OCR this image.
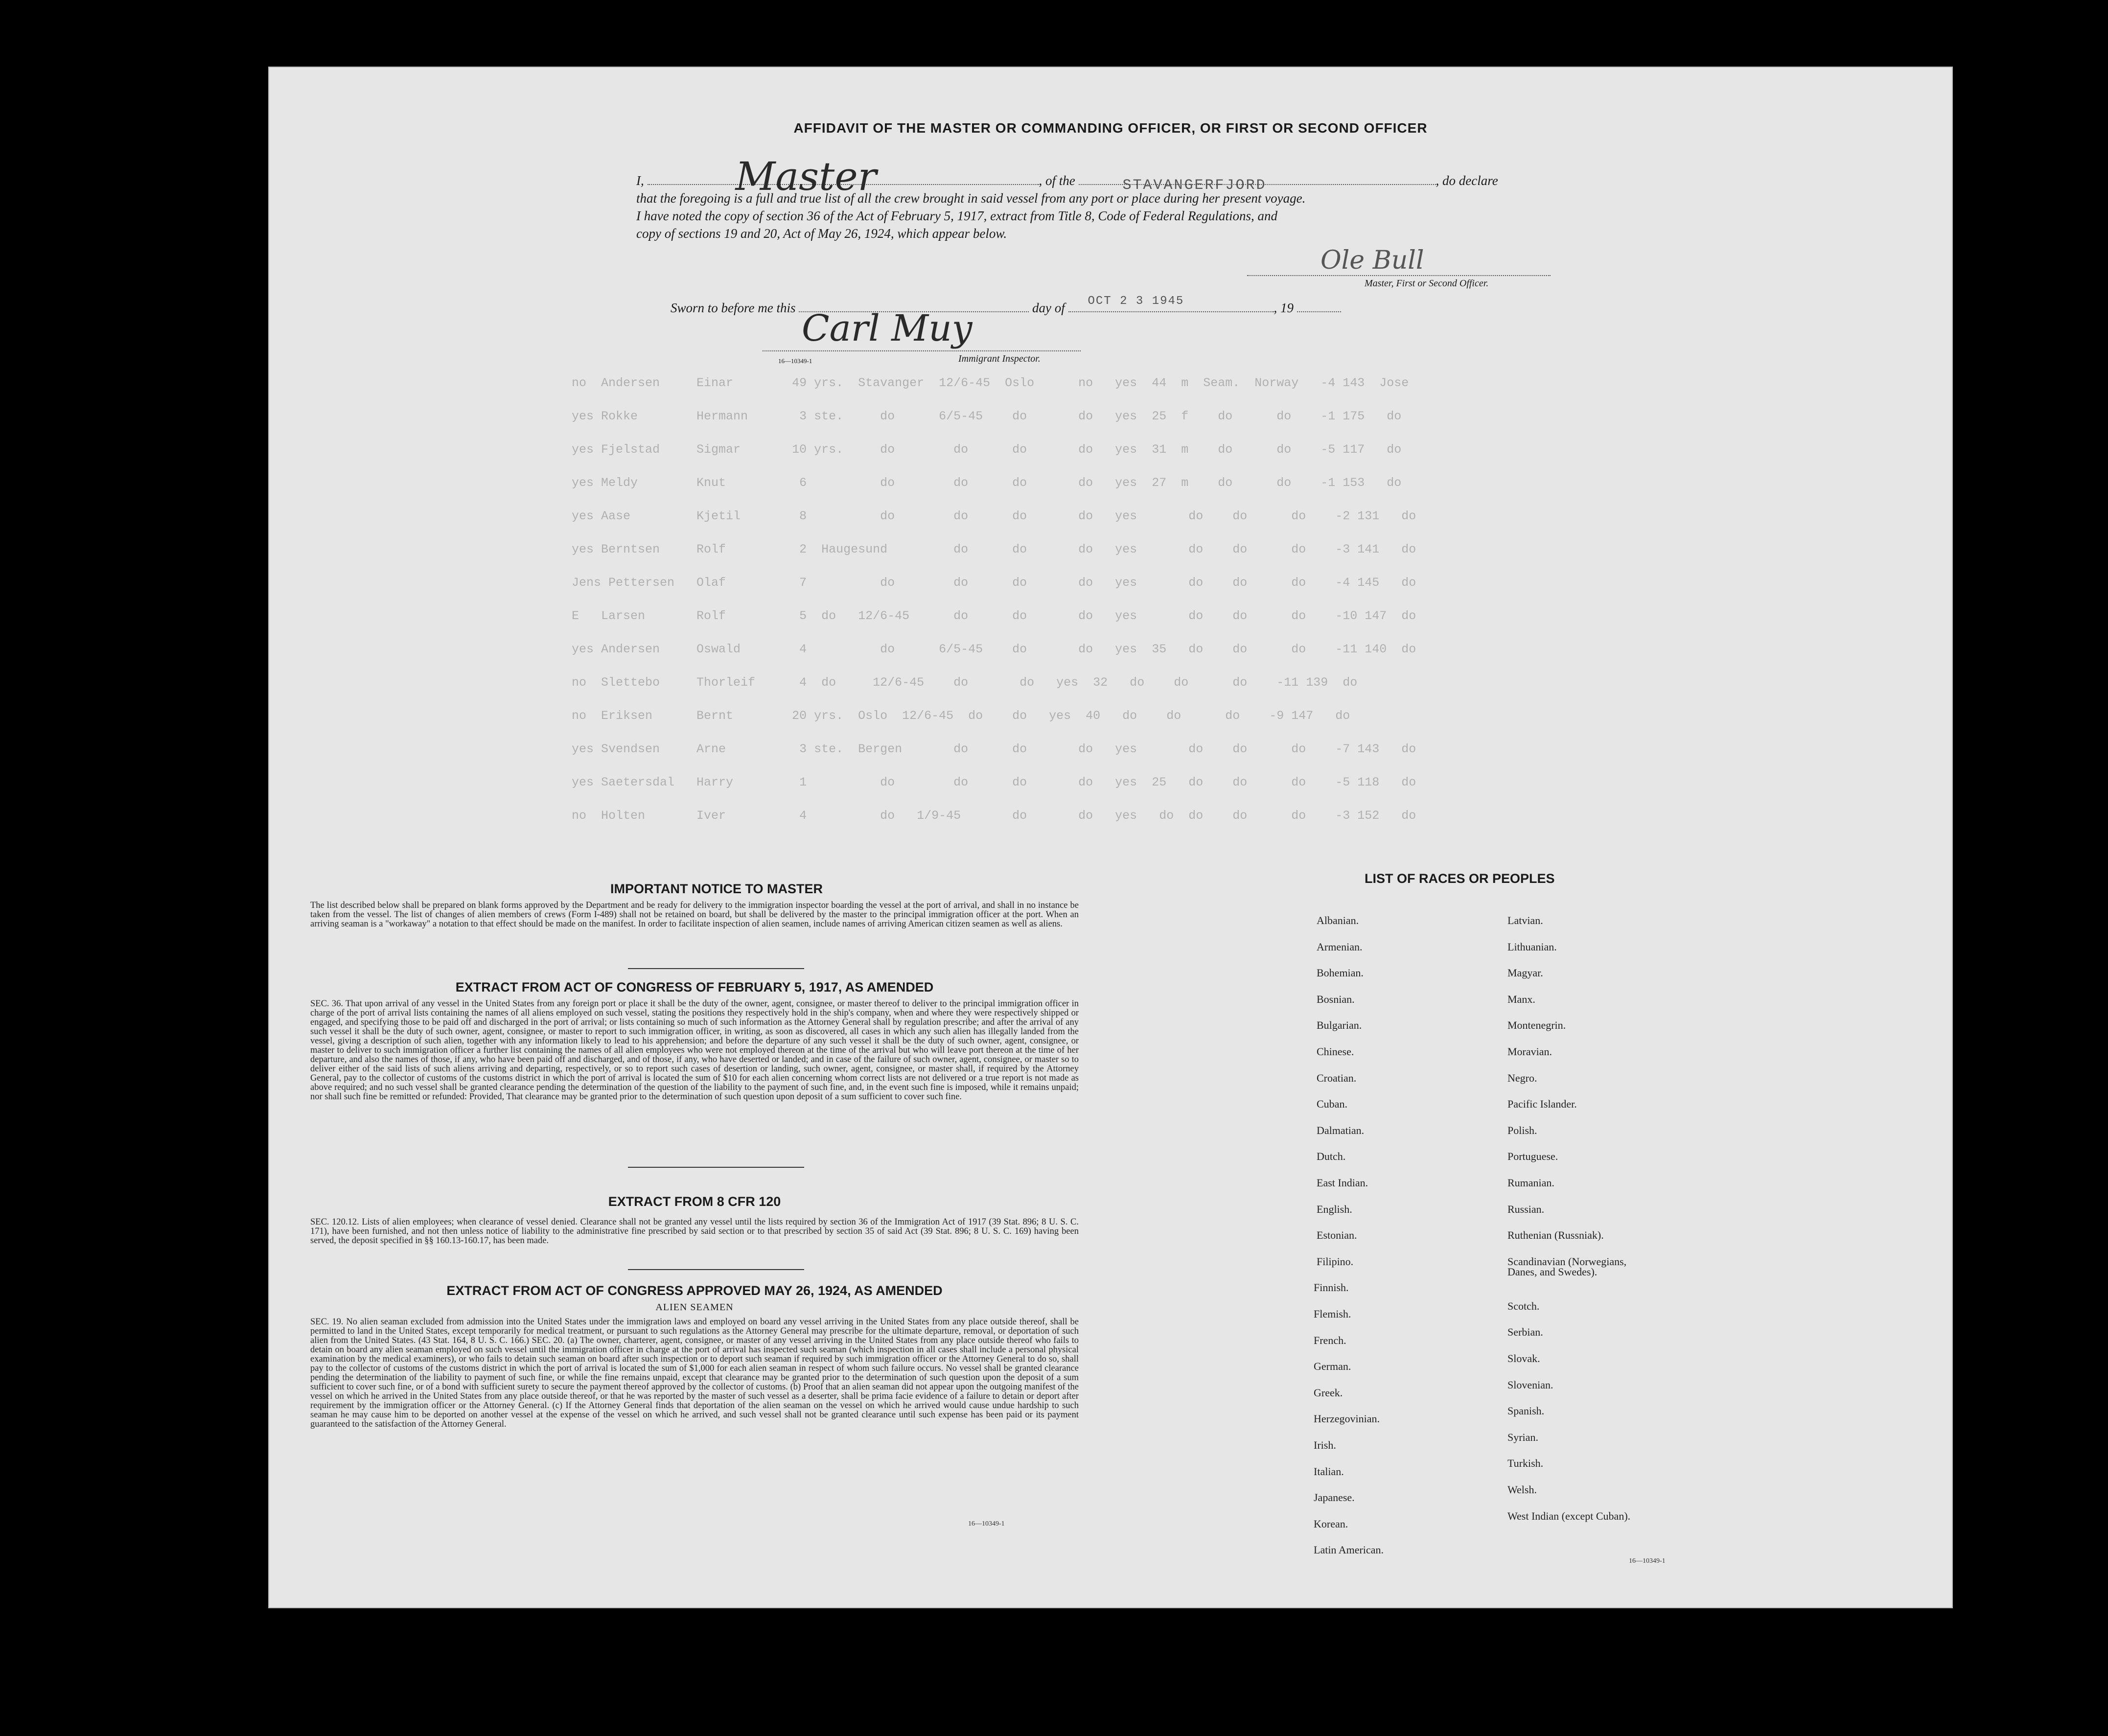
AFFIDAVIT OF THE MASTER OR COMMANDING OFFICER, OR FIRST OR SECOND OFFICER
I, Master	, of the	STAVANGERFJORD	, do declare
that the foregoing is a full and true list of all the crew brought in said vessel from any port or place during her present voyage.
I have noted the copy of section 36 of the Act of February 5, 1917, extract from Title 8, Code of Federal Regulations, and
copy of sections 19 and 20, Act of May 26, 1924, which appear below.
Ole Bull
Master, First or Second Officer.
Sworn to before me this	day of OCT 2 3 1945	, 19
Carl Muy
16—10349-1	Immigrant Inspector.
no  Andersen     Einar        49 yrs.  Stavanger  12/6-45  Oslo      no   yes  44  m  Seam.  Norway   -4 143  Jose
yes Rokke        Hermann       3 ste.     do      6/5-45    do       do   yes  25  f    do      do    -1 175   do
yes Fjelstad     Sigmar       10 yrs.     do        do      do       do   yes  31  m    do      do    -5 117   do
yes Meldy        Knut          6          do        do      do       do   yes  27  m    do      do    -1 153   do
yes Aase         Kjetil        8          do        do      do       do   yes       do    do      do    -2 131   do
yes Berntsen     Rolf          2  Haugesund         do      do       do   yes       do    do      do    -3 141   do
Jens Pettersen   Olaf          7          do        do      do       do   yes       do    do      do    -4 145   do
E   Larsen       Rolf          5  do   12/6-45      do      do       do   yes       do    do      do    -10 147  do
yes Andersen     Oswald        4          do      6/5-45    do       do   yes  35   do    do      do    -11 140  do
no  Slettebo     Thorleif      4  do     12/6-45    do       do   yes  32   do    do      do    -11 139  do
no  Eriksen      Bernt        20 yrs.  Oslo  12/6-45  do    do   yes  40   do    do      do    -9 147   do
yes Svendsen     Arne          3 ste.  Bergen       do      do       do   yes       do    do      do    -7 143   do
yes Saetersdal   Harry         1          do        do      do       do   yes  25   do    do      do    -5 118   do
no  Holten       Iver          4          do   1/9-45       do       do   yes   do  do    do      do    -3 152   do
IMPORTANT NOTICE TO MASTER
The list described below shall be prepared on blank forms approved by the Department and be ready for delivery to the immigration inspector boarding the vessel at the port of arrival, and shall in no instance be taken from the vessel. The list of changes of alien members of crews (Form I-489) shall not be retained on board, but shall be delivered by the master to the principal immigration officer at the port. When an arriving seaman is a "workaway" a notation to that effect should be made on the manifest. In order to facilitate inspection of alien seamen, include names of arriving American citizen seamen as well as aliens.
EXTRACT FROM ACT OF CONGRESS OF FEBRUARY 5, 1917, AS AMENDED
SEC. 36. That upon arrival of any vessel in the United States from any foreign port or place it shall be the duty of the owner, agent, consignee, or master thereof to deliver to the principal immigration officer in charge of the port of arrival lists containing the names of all aliens employed on such vessel, stating the positions they respectively hold in the ship's company, when and where they were respectively shipped or engaged, and specifying those to be paid off and discharged in the port of arrival; or lists containing so much of such information as the Attorney General shall by regulation prescribe; and after the arrival of any such vessel it shall be the duty of such owner, agent, consignee, or master to report to such immigration officer, in writing, as soon as discovered, all cases in which any such alien has illegally landed from the vessel, giving a description of such alien, together with any information likely to lead to his apprehension; and before the departure of any such vessel it shall be the duty of such owner, agent, consignee, or master to deliver to such immigration officer a further list containing the names of all alien employees who were not employed thereon at the time of the arrival but who will leave port thereon at the time of her departure, and also the names of those, if any, who have been paid off and discharged, and of those, if any, who have deserted or landed; and in case of the failure of such owner, agent, consignee, or master so to deliver either of the said lists of such aliens arriving and departing, respectively, or so to report such cases of desertion or landing, such owner, agent, consignee, or master shall, if required by the Attorney General, pay to the collector of customs of the customs district in which the port of arrival is located the sum of $10 for each alien concerning whom correct lists are not delivered or a true report is not made as above required; and no such vessel shall be granted clearance pending the determination of the question of the liability to the payment of such fine, and, in the event such fine is imposed, while it remains unpaid; nor shall such fine be remitted or refunded: Provided, That clearance may be granted prior to the determination of such question upon deposit of a sum sufficient to cover such fine.
EXTRACT FROM 8 CFR 120
SEC. 120.12. Lists of alien employees; when clearance of vessel denied. Clearance shall not be granted any vessel until the lists required by section 36 of the Immigration Act of 1917 (39 Stat. 896; 8 U. S. C. 171), have been furnished, and not then unless notice of liability to the administrative fine prescribed by said section or to that prescribed by section 35 of said Act (39 Stat. 896; 8 U. S. C. 169) having been served, the deposit specified in §§ 160.13-160.17, has been made.
EXTRACT FROM ACT OF CONGRESS APPROVED MAY 26, 1924, AS AMENDED
ALIEN SEAMEN
SEC. 19. No alien seaman excluded from admission into the United States under the immigration laws and employed on board any vessel arriving in the United States from any place outside thereof, shall be permitted to land in the United States, except temporarily for medical treatment, or pursuant to such regulations as the Attorney General may prescribe for the ultimate departure, removal, or deportation of such alien from the United States. (43 Stat. 164, 8 U. S. C. 166.) SEC. 20. (a) The owner, charterer, agent, consignee, or master of any vessel arriving in the United States from any place outside thereof who fails to detain on board any alien seaman employed on such vessel until the immigration officer in charge at the port of arrival has inspected such seaman (which inspection in all cases shall include a personal physical examination by the medical examiners), or who fails to detain such seaman on board after such inspection or to deport such seaman if required by such immigration officer or the Attorney General to do so, shall pay to the collector of customs of the customs district in which the port of arrival is located the sum of $1,000 for each alien seaman in respect of whom such failure occurs. No vessel shall be granted clearance pending the determination of the liability to payment of such fine, or while the fine remains unpaid, except that clearance may be granted prior to the determination of such question upon the deposit of a sum sufficient to cover such fine, or of a bond with sufficient surety to secure the payment thereof approved by the collector of customs. (b) Proof that an alien seaman did not appear upon the outgoing manifest of the vessel on which he arrived in the United States from any place outside thereof, or that he was reported by the master of such vessel as a deserter, shall be prima facie evidence of a failure to detain or deport after requirement by the immigration officer or the Attorney General. (c) If the Attorney General finds that deportation of the alien seaman on the vessel on which he arrived would cause undue hardship to such seaman he may cause him to be deported on another vessel at the expense of the vessel on which he arrived, and such vessel shall not be granted clearance until such expense has been paid or its payment guaranteed to the satisfaction of the Attorney General.
16—10349-1
LIST OF RACES OR PEOPLES
16—10349-1
Albanian.
Armenian.
Bohemian.
Bosnian.
Bulgarian.
Chinese.
Croatian.
Cuban.
Dalmatian.
Dutch.
East Indian.
English.
Estonian.
Filipino.
Finnish.
Flemish.
French.
German.
Greek.
Herzegovinian.
Irish.
Italian.
Japanese.
Korean.
Latin American.
Latvian.
Lithuanian.
Magyar.
Manx.
Montenegrin.
Moravian.
Negro.
Pacific Islander.
Polish.
Portuguese.
Rumanian.
Russian.
Ruthenian (Russniak).
Scandinavian (Norwegians,
Danes, and Swedes).
Scotch.
Serbian.
Slovak.
Slovenian.
Spanish.
Syrian.
Turkish.
Welsh.
West Indian (except Cuban).
